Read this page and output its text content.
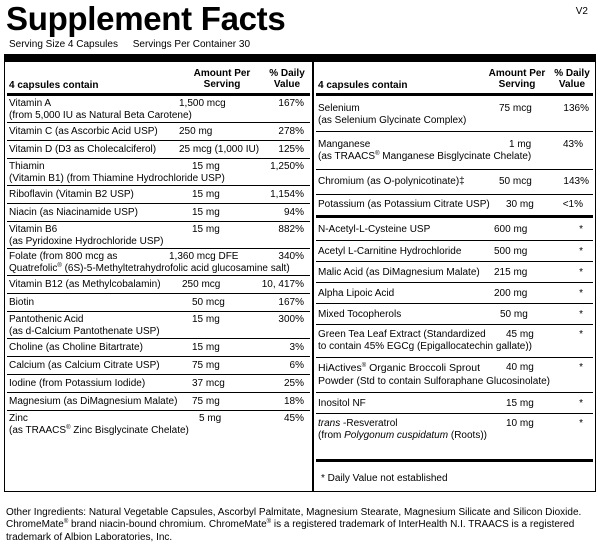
Supplement Facts	V2
Serving Size 4 Capsules Servings Per Container 30
4 capsules contain
Amount Per
Serving
% Daily
Value
Vitamin A
(from 5,000 IU as Natural Beta Carotene)
1,500 mcg	167%
Vitamin C (as Ascorbic Acid USP) 250 mg	278%
Vitamin D (D3 as Cholecalciferol) 25 mcg (1,000 IU) 125%
Thiamin
(Vitamin B1) (from Thiamine Hydrochloride USP)
15 mg	1,250%
Riboflavin (Vitamin B2 USP)	15 mg	1,154%
Niacin (as Niacinamide USP)	15 mg	94%
Vitamin B6
(as Pyridoxine Hydrochloride USP)
15 mg	882%
Folate (from 800 mcg as
Quatrefolic® (6S)-5-Methyltetrahydrofolic acid glucosamine salt)
1,360 mcg DFE	340%
Vitamin B12 (as Methylcobalamin) 250 mcg	10, 417%
Biotin	50 mcg	167%
Pantothenic Acid
(as d-Calcium Pantothenate USP)
15 mg	300%
Choline (as Choline Bitartrate)	15 mg	3%
Calcium (as Calcium Citrate USP)	75 mg	6%
Iodine (from Potassium Iodide)	37 mcg	25%
Magnesium (as DiMagnesium Malate) 75 mg	18%
Zinc
(as TRAACS® Zinc Bisglycinate Chelate)
5 mg	45%
4 capsules contain
Amount Per
Serving
% Daily
Value
Selenium
(as Selenium Glycinate Complex)
75 mcg	136%
Manganese
(as TRAACS® Manganese Bisglycinate Chelate)
1 mg	43%
Chromium (as O-polynicotinate)‡	50 mcg	143%
Potassium (as Potassium Citrate USP) 30 mg	<1%
N-Acetyl-L-Cysteine USP	600 mg	*
Acetyl L-Carnitine Hydrochloride	500 mg	*
Malic Acid (as DiMagnesium Malate) 215 mg	*
Alpha Lipoic Acid	200 mg	*
Mixed Tocopherols	50 mg	*
Green Tea Leaf Extract (Standardized
to contain 45% EGCg (Epigallocatechin gallate))
45 mg	*
HiActives® Organic Broccoli Sprout
Powder (Std to contain Sulforaphane Glucosinolate)
40 mg	*
Inositol NF	15 mg	*
trans -Resveratrol
(from Polygonum cuspidatum (Roots))
10 mg	*
* Daily Value not established
Other Ingredients: Natural Vegetable Capsules, Ascorbyl Palmitate, Magnesium Stearate, Magnesium Silicate and Silicon Dioxide.
ChromeMate® brand niacin-bound chromium. ChromeMate® is a registered trademark of InterHealth N.I. TRAACS is a registered
trademark of Albion Laboratories, Inc.
